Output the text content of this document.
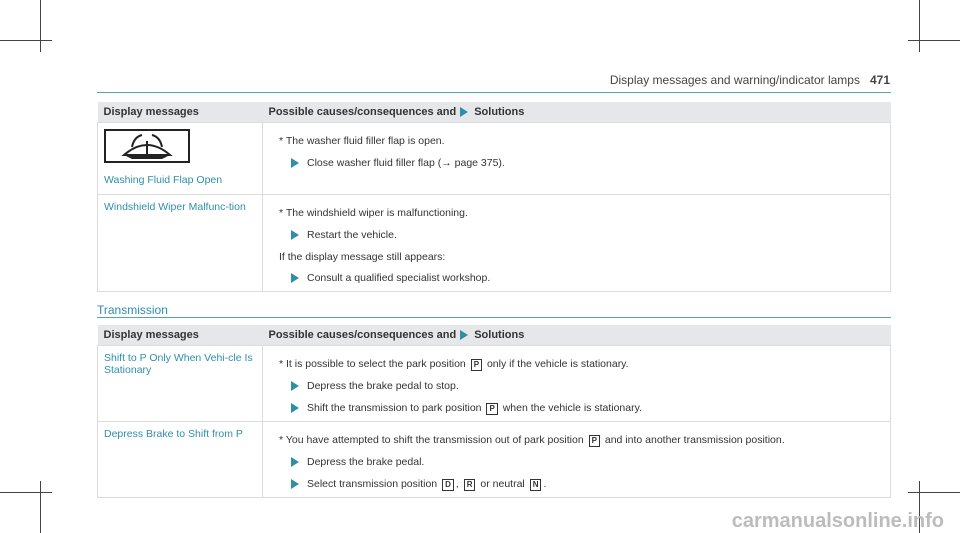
Display messages and warning/indicator lamps 471
Display messages	Possible causes/consequences and Solutions

Washing Fluid Flap Open	* The washer fluid filler flap is open.
Close washer fluid filler flap (→ page 375).

Windshield Wiper Malfunc-tion	* The windshield wiper is malfunctioning.
Restart the vehicle.
If the display message still appears:
Consult a qualified specialist workshop.
Transmission
Display messages	Possible causes/consequences and Solutions

Shift to P Only When Vehi-cle Is Stationary	* It is possible to select the park position P only if the vehicle is stationary.
Depress the brake pedal to stop.
Shift the transmission to park position P when the vehicle is stationary.

Depress Brake to Shift from P	* You have attempted to shift the transmission out of park position P and into another transmission position.
Depress the brake pedal.
Select transmission position D , R or neutral N .
carmanualsonline.info
